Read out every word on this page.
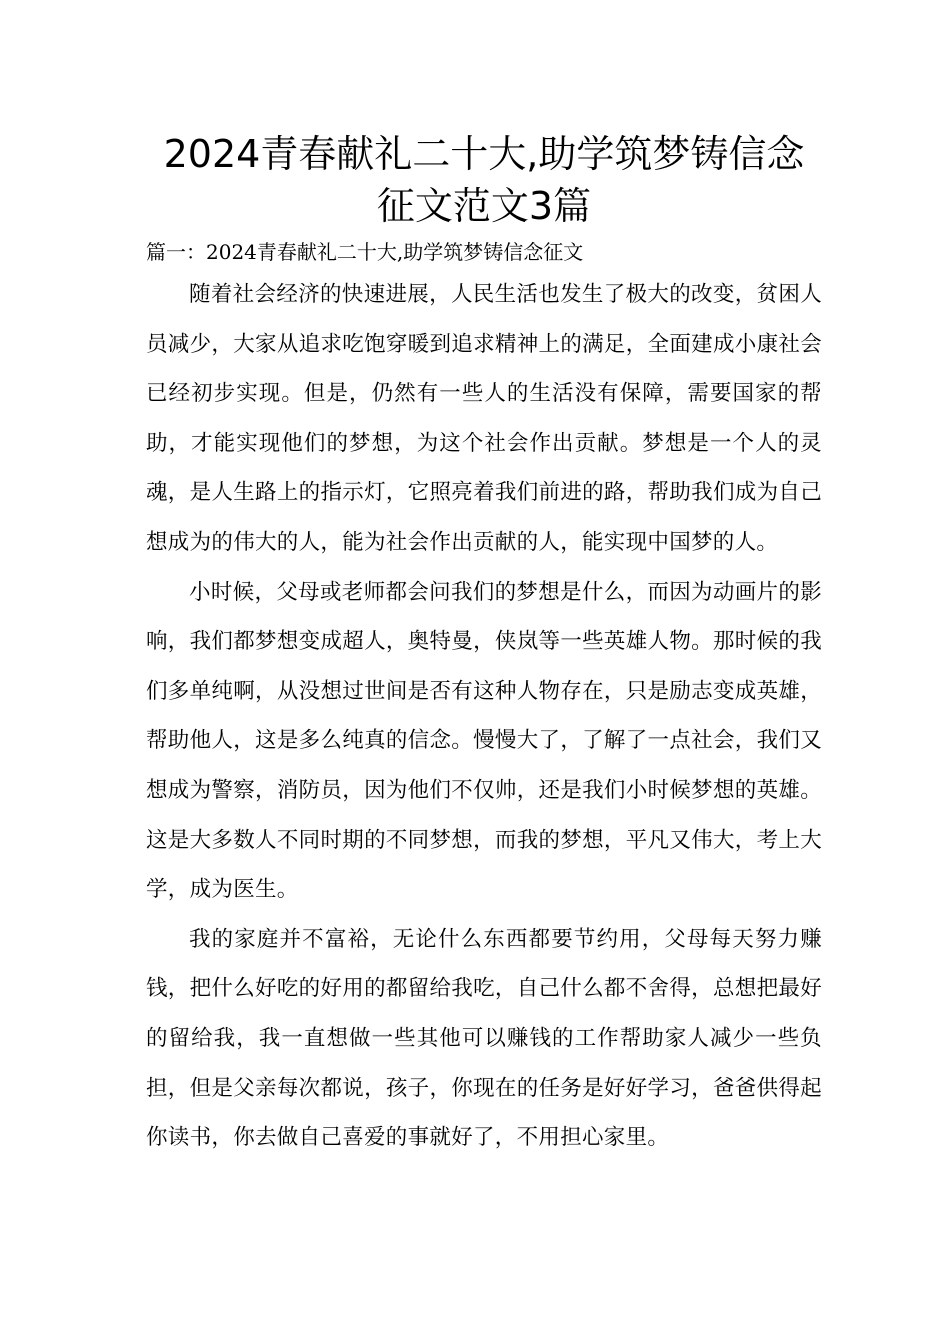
2024青春献礼二十大,助学筑梦铸信念
征文范文3篇

篇一：2024青春献礼二十大,助学筑梦铸信念征文

随着社会经济的快速进展，人民生活也发生了极大的改变，贫困人员减少，大家从追求吃饱穿暖到追求精神上的满足，全面建成小康社会已经初步实现。但是，仍然有一些人的生活没有保障，需要国家的帮助，才能实现他们的梦想，为这个社会作出贡献。梦想是一个人的灵魂，是人生路上的指示灯，它照亮着我们前进的路，帮助我们成为自己想成为的伟大的人，能为社会作出贡献的人，能实现中国梦的人。

小时候，父母或老师都会问我们的梦想是什么，而因为动画片的影响，我们都梦想变成超人，奥特曼，侠岚等一些英雄人物。那时候的我们多单纯啊，从没想过世间是否有这种人物存在，只是励志变成英雄，帮助他人，这是多么纯真的信念。慢慢大了，了解了一点社会，我们又想成为警察，消防员，因为他们不仅帅，还是我们小时候梦想的英雄。这是大多数人不同时期的不同梦想，而我的梦想，平凡又伟大，考上大学，成为医生。

我的家庭并不富裕，无论什么东西都要节约用，父母每天努力赚钱，把什么好吃的好用的都留给我吃，自己什么都不舍得，总想把最好的留给我，我一直想做一些其他可以赚钱的工作帮助家人减少一些负担，但是父亲每次都说，孩子，你现在的任务是好好学习，爸爸供得起你读书，你去做自己喜爱的事就好了，不用担心家里。
